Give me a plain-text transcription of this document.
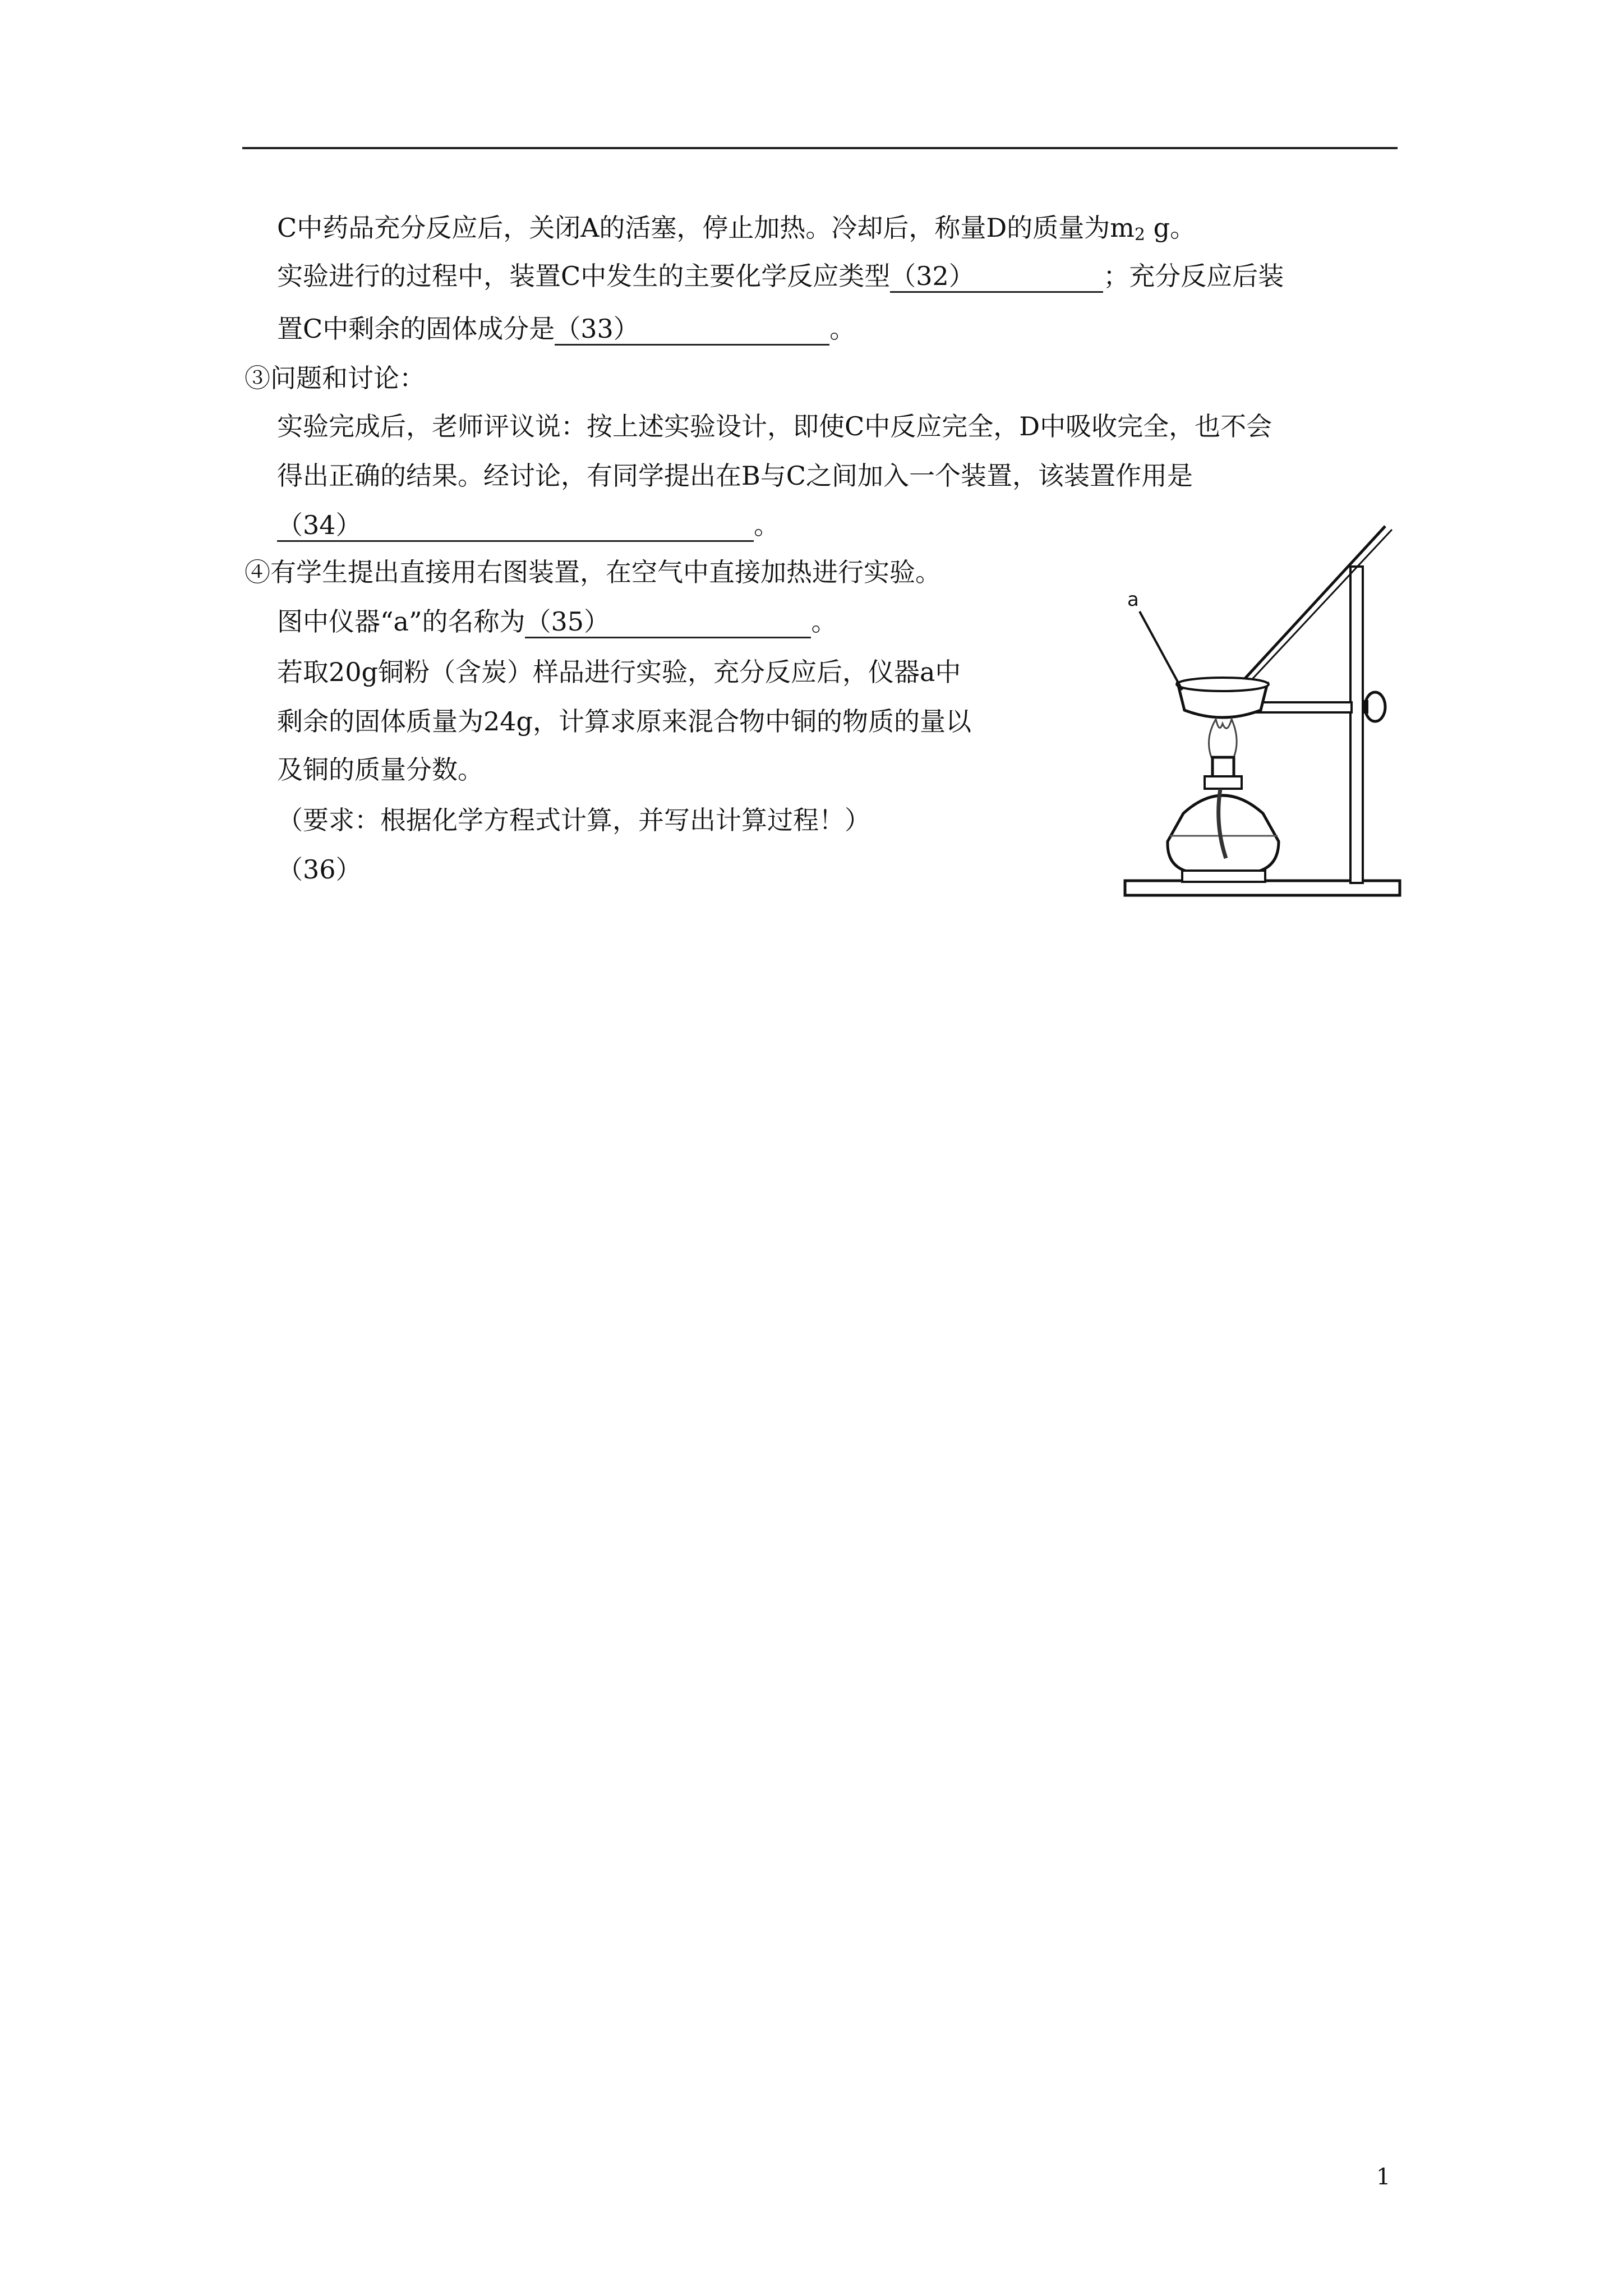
C中药品充分反应后，关闭A的活塞，停止加热。冷却后，称量D的质量为$m_2$ g。
实验进行的过程中，装置C中发生的主要化学反应类型（32）	；充分反应后装
置C中剩余的固体成分是（33）	。
③问题和讨论：
实验完成后，老师评议说：按上述实验设计，即使C中反应完全，D中吸收完全，也不会
得出正确的结果。经讨论，有同学提出在B与C之间加入一个装置，该装置作用是
（34）	。
④有学生提出直接用右图装置，在空气中直接加热进行实验。
图中仪器“a”的名称为（35）	。
若取20g铜粉（含炭）样品进行实验，充分反应后，仪器a中
剩余的固体质量为24g，计算求原来混合物中铜的物质的量以
及铜的质量分数。
（要求：根据化学方程式计算，并写出计算过程！）
（36）
a
1
